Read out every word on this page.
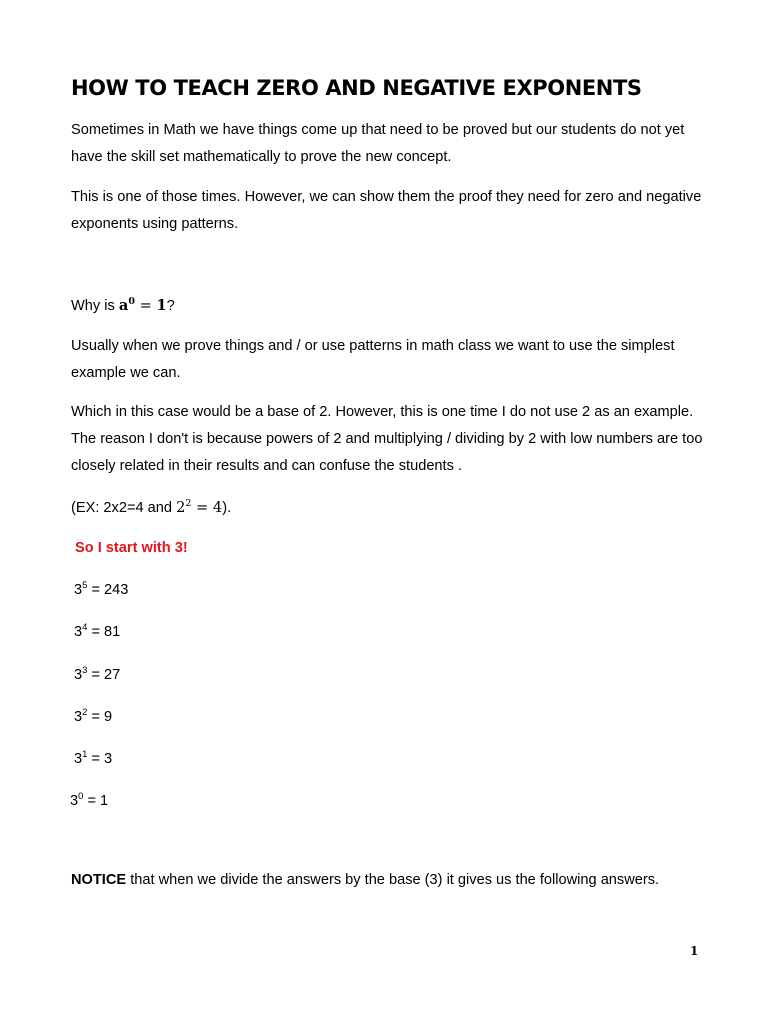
HOW TO TEACH ZERO AND NEGATIVE EXPONENTS

Sometimes in Math we have things come up that need to be proved but our students do not yet have the skill set mathematically to prove the new concept.

This is one of those times. However, we can show them the proof they need for zero and negative exponents using patterns.

Why is $a^0 = 1$?

Usually when we prove things and / or use patterns in math class we want to use the simplest example we can.

Which in this case would be a base of 2. However, this is one time I do not use 2 as an example. The reason I don't is because powers of 2 and multiplying / dividing by 2 with low numbers are too closely related in their results and can confuse the students .

(EX: 2x2=4 and $2^2 = 4$).

So I start with 3!

$3^5 = 243$

$3^4 = 81$

$3^3 = 27$

$3^2 = 9$

$3^1 = 3$

$3^0 = 1$

NOTICE that when we divide the answers by the base (3) it gives us the following answers.

1
